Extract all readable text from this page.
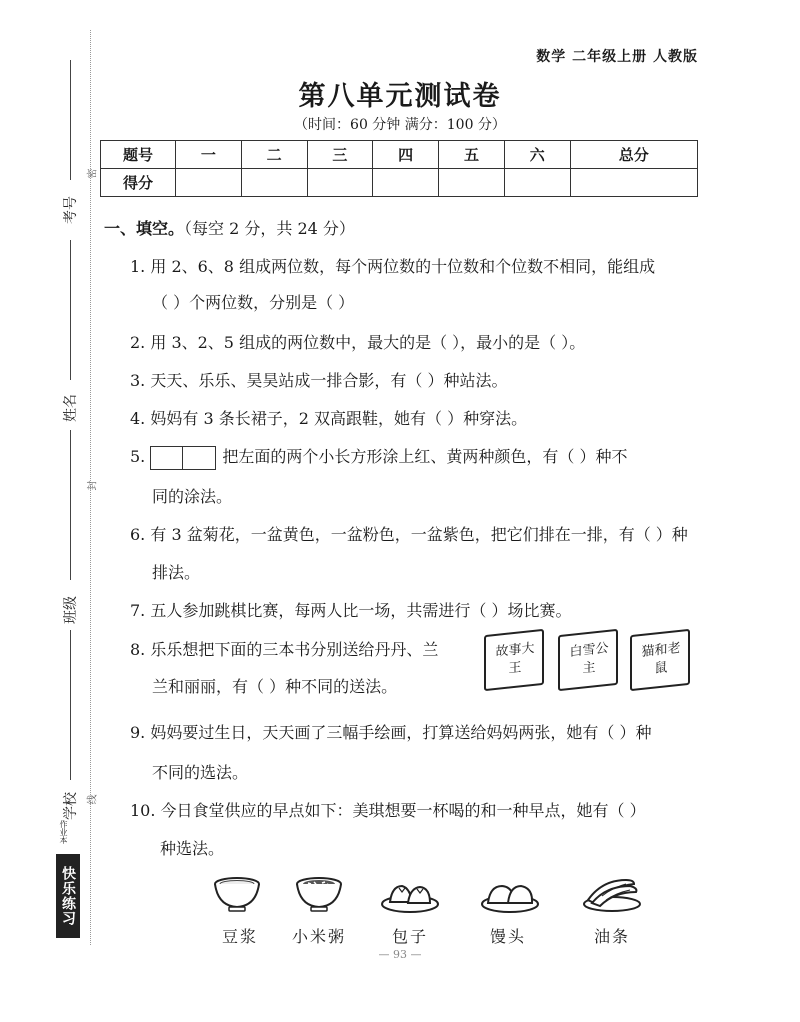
数学 二年级上册 人教版
第八单元测试卷
（时间：60 分钟 满分：100 分）
题号	一	二	三	四	五	六	总分
得分							
考号
密
姓名
封
班级
学校 线
作业本
快乐练习
一、填空。（每空 2 分，共 24 分）
1. 用 2、6、8 组成两位数，每个两位数的十位数和个位数不相同，能组成
（ ）个两位数，分别是（ ）
2. 用 3、2、5 组成的两位数中，最大的是（ ），最小的是（ ）。
3. 天天、乐乐、昊昊站成一排合影，有（ ）种站法。
4. 妈妈有 3 条长裙子，2 双高跟鞋，她有（ ）种穿法。
5.	把左面的两个小长方形涂上红、黄两种颜色，有（ ）种不
同的涂法。
6. 有 3 盆菊花，一盆黄色，一盆粉色，一盆紫色，把它们排在一排，有（ ）种
排法。
7. 五人参加跳棋比赛，每两人比一场，共需进行（ ）场比赛。
8. 乐乐想把下面的三本书分别送给丹丹、兰
兰和丽丽，有（ ）种不同的送法。
故事大王
白雪公主
猫和老鼠
9. 妈妈要过生日，天天画了三幅手绘画，打算送给妈妈两张，她有（ ）种
不同的选法。
10. 今日食堂供应的早点如下：美琪想要一杯喝的和一种早点，她有（ ）
种选法。
豆浆 小米粥	包子	馒头	油条
— 93 —
